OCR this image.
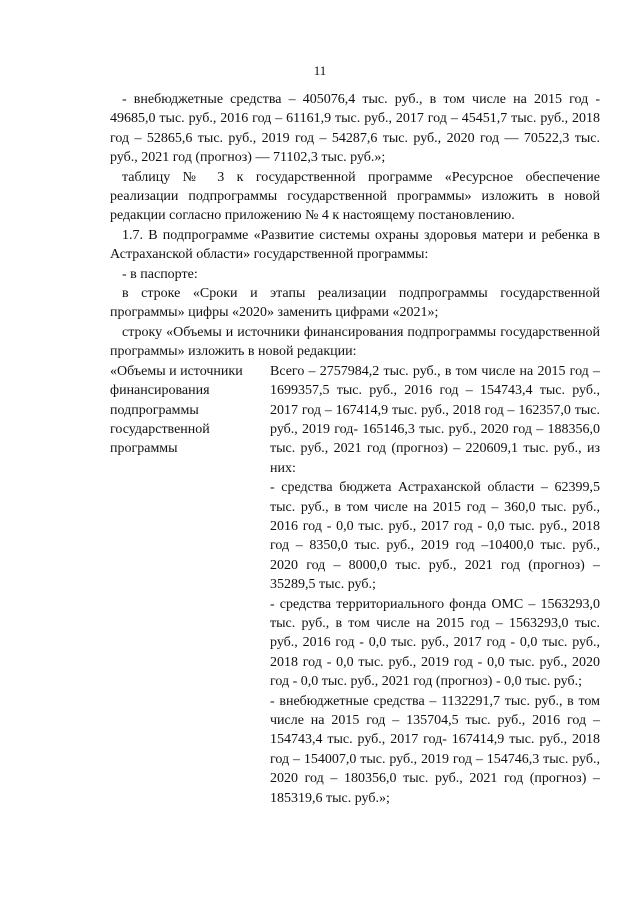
11

- внебюджетные средства – 405076,4 тыс. руб., в том числе на 2015 год - 49685,0 тыс. руб., 2016 год – 61161,9 тыс. руб., 2017 год – 45451,7 тыс. руб., 2018 год – 52865,6 тыс. руб., 2019 год – 54287,6 тыс. руб., 2020 год — 70522,3 тыс. руб., 2021 год (прогноз) — 71102,3 тыс. руб.»;

таблицу № 3 к государственной программе «Ресурсное обеспечение реализации подпрограммы государственной программы» изложить в новой редакции согласно приложению № 4 к настоящему постановлению.

1.7. В подпрограмме «Развитие системы охраны здоровья матери и ребенка в Астраханской области» государственной программы:

- в паспорте:

в строке «Сроки и этапы реализации подпрограммы государственной программы» цифры «2020» заменить цифрами «2021»;

строку «Объемы и источники финансирования подпрограммы государственной программы» изложить в новой редакции:

«Объемы и источники финансирования подпрограммы государственной программы

Всего – 2757984,2 тыс. руб., в том числе на 2015 год – 1699357,5 тыс. руб., 2016 год – 154743,4 тыс. руб., 2017 год – 167414,9 тыс. руб., 2018 год – 162357,0 тыс. руб., 2019 год- 165146,3 тыс. руб., 2020 год – 188356,0 тыс. руб., 2021 год (прогноз) – 220609,1 тыс. руб., из них:

- средства бюджета Астраханской области – 62399,5 тыс. руб., в том числе на 2015 год – 360,0 тыс. руб., 2016 год - 0,0 тыс. руб., 2017 год - 0,0 тыс. руб., 2018 год – 8350,0 тыс. руб., 2019 год –10400,0 тыс. руб., 2020 год – 8000,0 тыс. руб., 2021 год (прогноз) – 35289,5 тыс. руб.;

- средства территориального фонда ОМС – 1563293,0 тыс. руб., в том числе на 2015 год – 1563293,0 тыс. руб., 2016 год - 0,0 тыс. руб., 2017 год - 0,0 тыс. руб., 2018 год - 0,0 тыс. руб., 2019 год - 0,0 тыс. руб., 2020 год - 0,0 тыс. руб., 2021 год (прогноз) - 0,0 тыс. руб.;

- внебюджетные средства – 1132291,7 тыс. руб., в том числе на 2015 год – 135704,5 тыс. руб., 2016 год – 154743,4 тыс. руб., 2017 год- 167414,9 тыс. руб., 2018 год – 154007,0 тыс. руб., 2019 год – 154746,3 тыс. руб., 2020 год – 180356,0 тыс. руб., 2021 год (прогноз) – 185319,6 тыс. руб.»;
